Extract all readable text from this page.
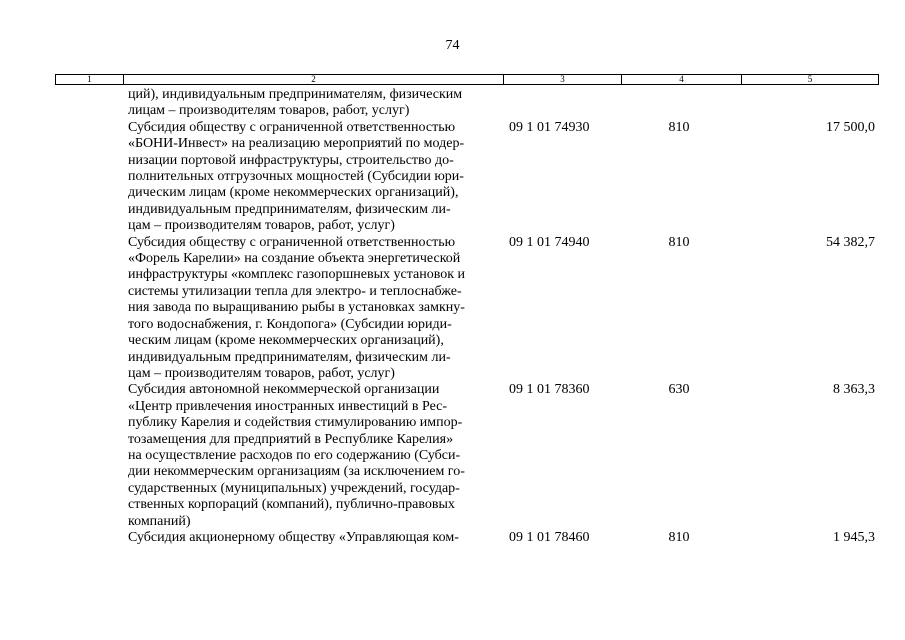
74
1	2	3	4	5
ций), индивидуальным предпринимателям, физическим
лицам – производителям товаров, работ, услуг)
Субсидия обществу с ограниченной ответственностью
«БОНИ-Инвест» на реализацию мероприятий по модер-
низации портовой инфраструктуры, строительство до-
полнительных отгрузочных мощностей (Субсидии юри-
дическим лицам (кроме некоммерческих организаций),
индивидуальным предпринимателям, физическим ли-
цам – производителям товаров, работ, услуг)
09 1 01 74930	810	17 500,0
Субсидия обществу с ограниченной ответственностью
«Форель Карелии» на создание объекта энергетической
инфраструктуры «комплекс газопоршневых установок и
системы утилизации тепла для электро- и теплоснабже-
ния завода по выращиванию рыбы в установках замкну-
того водоснабжения, г. Кондопога» (Субсидии юриди-
ческим лицам (кроме некоммерческих организаций),
индивидуальным предпринимателям, физическим ли-
цам – производителям товаров, работ, услуг)
09 1 01 74940	810	54 382,7
Субсидия автономной некоммерческой организации
«Центр привлечения иностранных инвестиций в Рес-
публику Карелия и содействия стимулированию импор-
тозамещения для предприятий в Республике Карелия»
на осуществление расходов по его содержанию (Субси-
дии некоммерческим организациям (за исключением го-
сударственных (муниципальных) учреждений, государ-
ственных корпораций (компаний), публично-правовых
компаний)
09 1 01 78360	630	8 363,3
Субсидия акционерному обществу «Управляющая ком-	09 1 01 78460	810	1 945,3
